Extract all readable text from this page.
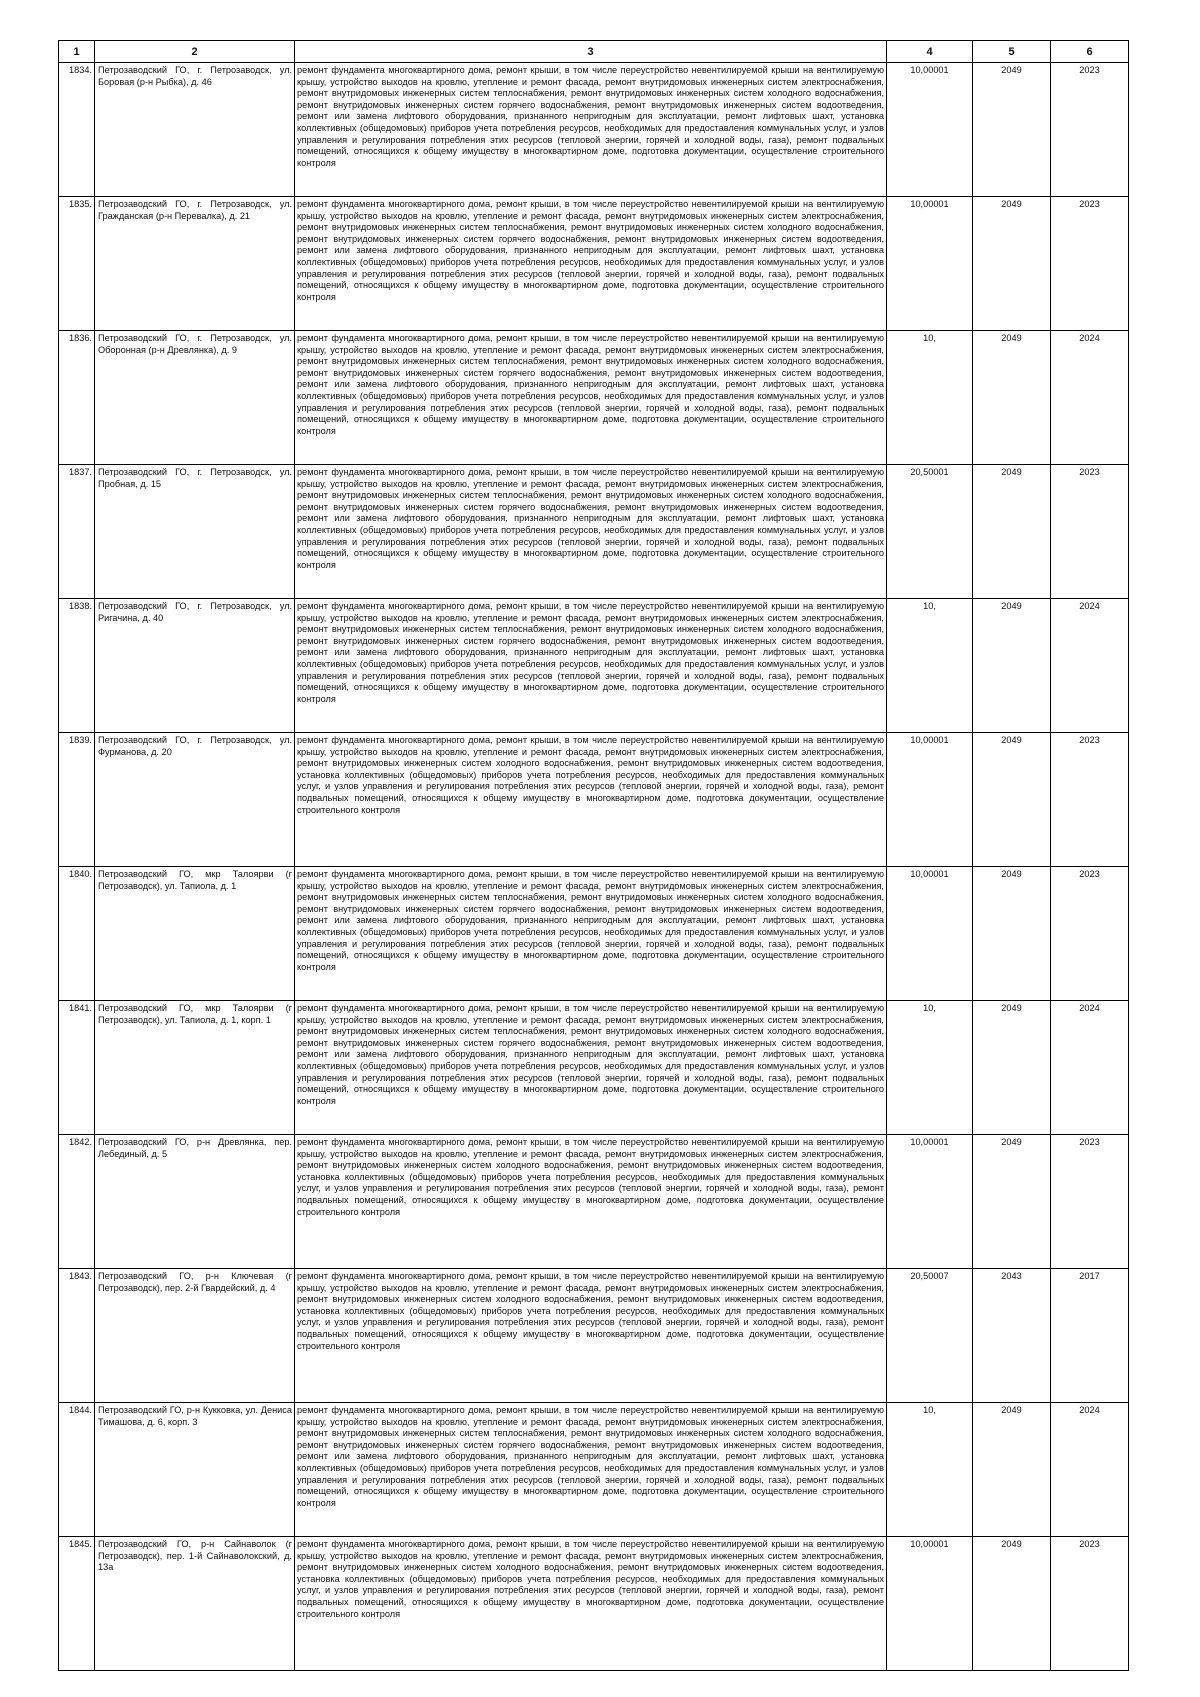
1	2	3	4	5	6
1834.	Петрозаводский ГО, г. Петрозаводск, ул. Боровая (р-н Рыбка), д. 46	ремонт фундамента многоквартирного дома, ремонт крыши, в том числе переустройство невентилируемой крыши на вентилируемую крышу, устройство выходов на кровлю, утепление и ремонт фасада, ремонт внутридомовых инженерных систем электроснабжения, ремонт внутридомовых инженерных систем теплоснабжения, ремонт внутридомовых инженерных систем холодного водоснабжения, ремонт внутридомовых инженерных систем горячего водоснабжения, ремонт внутридомовых инженерных систем водоотведения, ремонт или замена лифтового оборудования, признанного непригодным для эксплуатации, ремонт лифтовых шахт, установка коллективных (общедомовых) приборов учета потребления ресурсов, необходимых для предоставления коммунальных услуг, и узлов управления и регулирования потребления этих ресурсов (тепловой энергии, горячей и холодной воды, газа), ремонт подвальных помещений, относящихся к общему имуществу в многоквартирном доме, подготовка документации, осуществление строительного контроля	10,00001	2049	2023
1835.	Петрозаводский ГО, г. Петрозаводск, ул. Гражданская (р-н Перевалка), д. 21	ремонт фундамента многоквартирного дома, ремонт крыши, в том числе переустройство невентилируемой крыши на вентилируемую крышу, устройство выходов на кровлю, утепление и ремонт фасада, ремонт внутридомовых инженерных систем электроснабжения, ремонт внутридомовых инженерных систем теплоснабжения, ремонт внутридомовых инженерных систем холодного водоснабжения, ремонт внутридомовых инженерных систем горячего водоснабжения, ремонт внутридомовых инженерных систем водоотведения, ремонт или замена лифтового оборудования, признанного непригодным для эксплуатации, ремонт лифтовых шахт, установка коллективных (общедомовых) приборов учета потребления ресурсов, необходимых для предоставления коммунальных услуг, и узлов управления и регулирования потребления этих ресурсов (тепловой энергии, горячей и холодной воды, газа), ремонт подвальных помещений, относящихся к общему имуществу в многоквартирном доме, подготовка документации, осуществление строительного контроля	10,00001	2049	2023
1836.	Петрозаводский ГО, г. Петрозаводск, ул. Оборонная (р-н Древлянка), д. 9	ремонт фундамента многоквартирного дома, ремонт крыши, в том числе переустройство невентилируемой крыши на вентилируемую крышу, устройство выходов на кровлю, утепление и ремонт фасада, ремонт внутридомовых инженерных систем электроснабжения, ремонт внутридомовых инженерных систем теплоснабжения, ремонт внутридомовых инженерных систем холодного водоснабжения, ремонт внутридомовых инженерных систем горячего водоснабжения, ремонт внутридомовых инженерных систем водоотведения, ремонт или замена лифтового оборудования, признанного непригодным для эксплуатации, ремонт лифтовых шахт, установка коллективных (общедомовых) приборов учета потребления ресурсов, необходимых для предоставления коммунальных услуг, и узлов управления и регулирования потребления этих ресурсов (тепловой энергии, горячей и холодной воды, газа), ремонт подвальных помещений, относящихся к общему имуществу в многоквартирном доме, подготовка документации, осуществление строительного контроля	10,	2049	2024
1837.	Петрозаводский ГО, г. Петрозаводск, ул. Пробная, д. 15	ремонт фундамента многоквартирного дома, ремонт крыши, в том числе переустройство невентилируемой крыши на вентилируемую крышу, устройство выходов на кровлю, утепление и ремонт фасада, ремонт внутридомовых инженерных систем электроснабжения, ремонт внутридомовых инженерных систем теплоснабжения, ремонт внутридомовых инженерных систем холодного водоснабжения, ремонт внутридомовых инженерных систем горячего водоснабжения, ремонт внутридомовых инженерных систем водоотведения, ремонт или замена лифтового оборудования, признанного непригодным для эксплуатации, ремонт лифтовых шахт, установка коллективных (общедомовых) приборов учета потребления ресурсов, необходимых для предоставления коммунальных услуг, и узлов управления и регулирования потребления этих ресурсов (тепловой энергии, горячей и холодной воды, газа), ремонт подвальных помещений, относящихся к общему имуществу в многоквартирном доме, подготовка документации, осуществление строительного контроля	20,50001	2049	2023
1838.	Петрозаводский ГО, г. Петрозаводск, ул. Ригачина, д. 40	ремонт фундамента многоквартирного дома, ремонт крыши, в том числе переустройство невентилируемой крыши на вентилируемую крышу, устройство выходов на кровлю, утепление и ремонт фасада, ремонт внутридомовых инженерных систем электроснабжения, ремонт внутридомовых инженерных систем теплоснабжения, ремонт внутридомовых инженерных систем холодного водоснабжения, ремонт внутридомовых инженерных систем горячего водоснабжения, ремонт внутридомовых инженерных систем водоотведения, ремонт или замена лифтового оборудования, признанного непригодным для эксплуатации, ремонт лифтовых шахт, установка коллективных (общедомовых) приборов учета потребления ресурсов, необходимых для предоставления коммунальных услуг, и узлов управления и регулирования потребления этих ресурсов (тепловой энергии, горячей и холодной воды, газа), ремонт подвальных помещений, относящихся к общему имуществу в многоквартирном доме, подготовка документации, осуществление строительного контроля	10,	2049	2024
1839.	Петрозаводский ГО, г. Петрозаводск, ул. Фурманова, д. 20	ремонт фундамента многоквартирного дома, ремонт крыши, в том числе переустройство невентилируемой крыши на вентилируемую крышу, устройство выходов на кровлю, утепление и ремонт фасада, ремонт внутридомовых инженерных систем электроснабжения, ремонт внутридомовых инженерных систем холодного водоснабжения, ремонт внутридомовых инженерных систем водоотведения, установка коллективных (общедомовых) приборов учета потребления ресурсов, необходимых для предоставления коммунальных услуг, и узлов управления и регулирования потребления этих ресурсов (тепловой энергии, горячей и холодной воды, газа), ремонт подвальных помещений, относящихся к общему имуществу в многоквартирном доме, подготовка документации, осуществление строительного контроля	10,00001	2049	2023
1840.	Петрозаводский ГО, мкр Талоярви (г Петрозаводск), ул. Тапиола, д. 1	ремонт фундамента многоквартирного дома, ремонт крыши, в том числе переустройство невентилируемой крыши на вентилируемую крышу, устройство выходов на кровлю, утепление и ремонт фасада, ремонт внутридомовых инженерных систем электроснабжения, ремонт внутридомовых инженерных систем теплоснабжения, ремонт внутридомовых инженерных систем холодного водоснабжения, ремонт внутридомовых инженерных систем горячего водоснабжения, ремонт внутридомовых инженерных систем водоотведения, ремонт или замена лифтового оборудования, признанного непригодным для эксплуатации, ремонт лифтовых шахт, установка коллективных (общедомовых) приборов учета потребления ресурсов, необходимых для предоставления коммунальных услуг, и узлов управления и регулирования потребления этих ресурсов (тепловой энергии, горячей и холодной воды, газа), ремонт подвальных помещений, относящихся к общему имуществу в многоквартирном доме, подготовка документации, осуществление строительного контроля	10,00001	2049	2023
1841.	Петрозаводский ГО, мкр Талоярви (г Петрозаводск), ул. Тапиола, д. 1, корп. 1	ремонт фундамента многоквартирного дома, ремонт крыши, в том числе переустройство невентилируемой крыши на вентилируемую крышу, устройство выходов на кровлю, утепление и ремонт фасада, ремонт внутридомовых инженерных систем электроснабжения, ремонт внутридомовых инженерных систем теплоснабжения, ремонт внутридомовых инженерных систем холодного водоснабжения, ремонт внутридомовых инженерных систем горячего водоснабжения, ремонт внутридомовых инженерных систем водоотведения, ремонт или замена лифтового оборудования, признанного непригодным для эксплуатации, ремонт лифтовых шахт, установка коллективных (общедомовых) приборов учета потребления ресурсов, необходимых для предоставления коммунальных услуг, и узлов управления и регулирования потребления этих ресурсов (тепловой энергии, горячей и холодной воды, газа), ремонт подвальных помещений, относящихся к общему имуществу в многоквартирном доме, подготовка документации, осуществление строительного контроля	10,	2049	2024
1842.	Петрозаводский ГО, р-н Древлянка, пер. Лебединый, д. 5	ремонт фундамента многоквартирного дома, ремонт крыши, в том числе переустройство невентилируемой крыши на вентилируемую крышу, устройство выходов на кровлю, утепление и ремонт фасада, ремонт внутридомовых инженерных систем электроснабжения, ремонт внутридомовых инженерных систем холодного водоснабжения, ремонт внутридомовых инженерных систем водоотведения, установка коллективных (общедомовых) приборов учета потребления ресурсов, необходимых для предоставления коммунальных услуг, и узлов управления и регулирования потребления этих ресурсов (тепловой энергии, горячей и холодной воды, газа), ремонт подвальных помещений, относящихся к общему имуществу в многоквартирном доме, подготовка документации, осуществление строительного контроля	10,00001	2049	2023
1843.	Петрозаводский ГО, р-н Ключевая (г Петрозаводск), пер. 2-й Гвардейский, д. 4	ремонт фундамента многоквартирного дома, ремонт крыши, в том числе переустройство невентилируемой крыши на вентилируемую крышу, устройство выходов на кровлю, утепление и ремонт фасада, ремонт внутридомовых инженерных систем электроснабжения, ремонт внутридомовых инженерных систем холодного водоснабжения, ремонт внутридомовых инженерных систем водоотведения, установка коллективных (общедомовых) приборов учета потребления ресурсов, необходимых для предоставления коммунальных услуг, и узлов управления и регулирования потребления этих ресурсов (тепловой энергии, горячей и холодной воды, газа), ремонт подвальных помещений, относящихся к общему имуществу в многоквартирном доме, подготовка документации, осуществление строительного контроля	20,50007	2043	2017
1844.	Петрозаводский ГО, р-н Кукковка, ул. Дениса Тимашова, д. 6, корп. 3	ремонт фундамента многоквартирного дома, ремонт крыши, в том числе переустройство невентилируемой крыши на вентилируемую крышу, устройство выходов на кровлю, утепление и ремонт фасада, ремонт внутридомовых инженерных систем электроснабжения, ремонт внутридомовых инженерных систем теплоснабжения, ремонт внутридомовых инженерных систем холодного водоснабжения, ремонт внутридомовых инженерных систем горячего водоснабжения, ремонт внутридомовых инженерных систем водоотведения, ремонт или замена лифтового оборудования, признанного непригодным для эксплуатации, ремонт лифтовых шахт, установка коллективных (общедомовых) приборов учета потребления ресурсов, необходимых для предоставления коммунальных услуг, и узлов управления и регулирования потребления этих ресурсов (тепловой энергии, горячей и холодной воды, газа), ремонт подвальных помещений, относящихся к общему имуществу в многоквартирном доме, подготовка документации, осуществление строительного контроля	10,	2049	2024
1845.	Петрозаводский ГО, р-н Сайнаволок (г Петрозаводск), пер. 1-й Сайнаволокский, д. 13а	ремонт фундамента многоквартирного дома, ремонт крыши, в том числе переустройство невентилируемой крыши на вентилируемую крышу, устройство выходов на кровлю, утепление и ремонт фасада, ремонт внутридомовых инженерных систем электроснабжения, ремонт внутридомовых инженерных систем холодного водоснабжения, ремонт внутридомовых инженерных систем водоотведения, установка коллективных (общедомовых) приборов учета потребления ресурсов, необходимых для предоставления коммунальных услуг, и узлов управления и регулирования потребления этих ресурсов (тепловой энергии, горячей и холодной воды, газа), ремонт подвальных помещений, относящихся к общему имуществу в многоквартирном доме, подготовка документации, осуществление строительного контроля	10,00001	2049	2023
